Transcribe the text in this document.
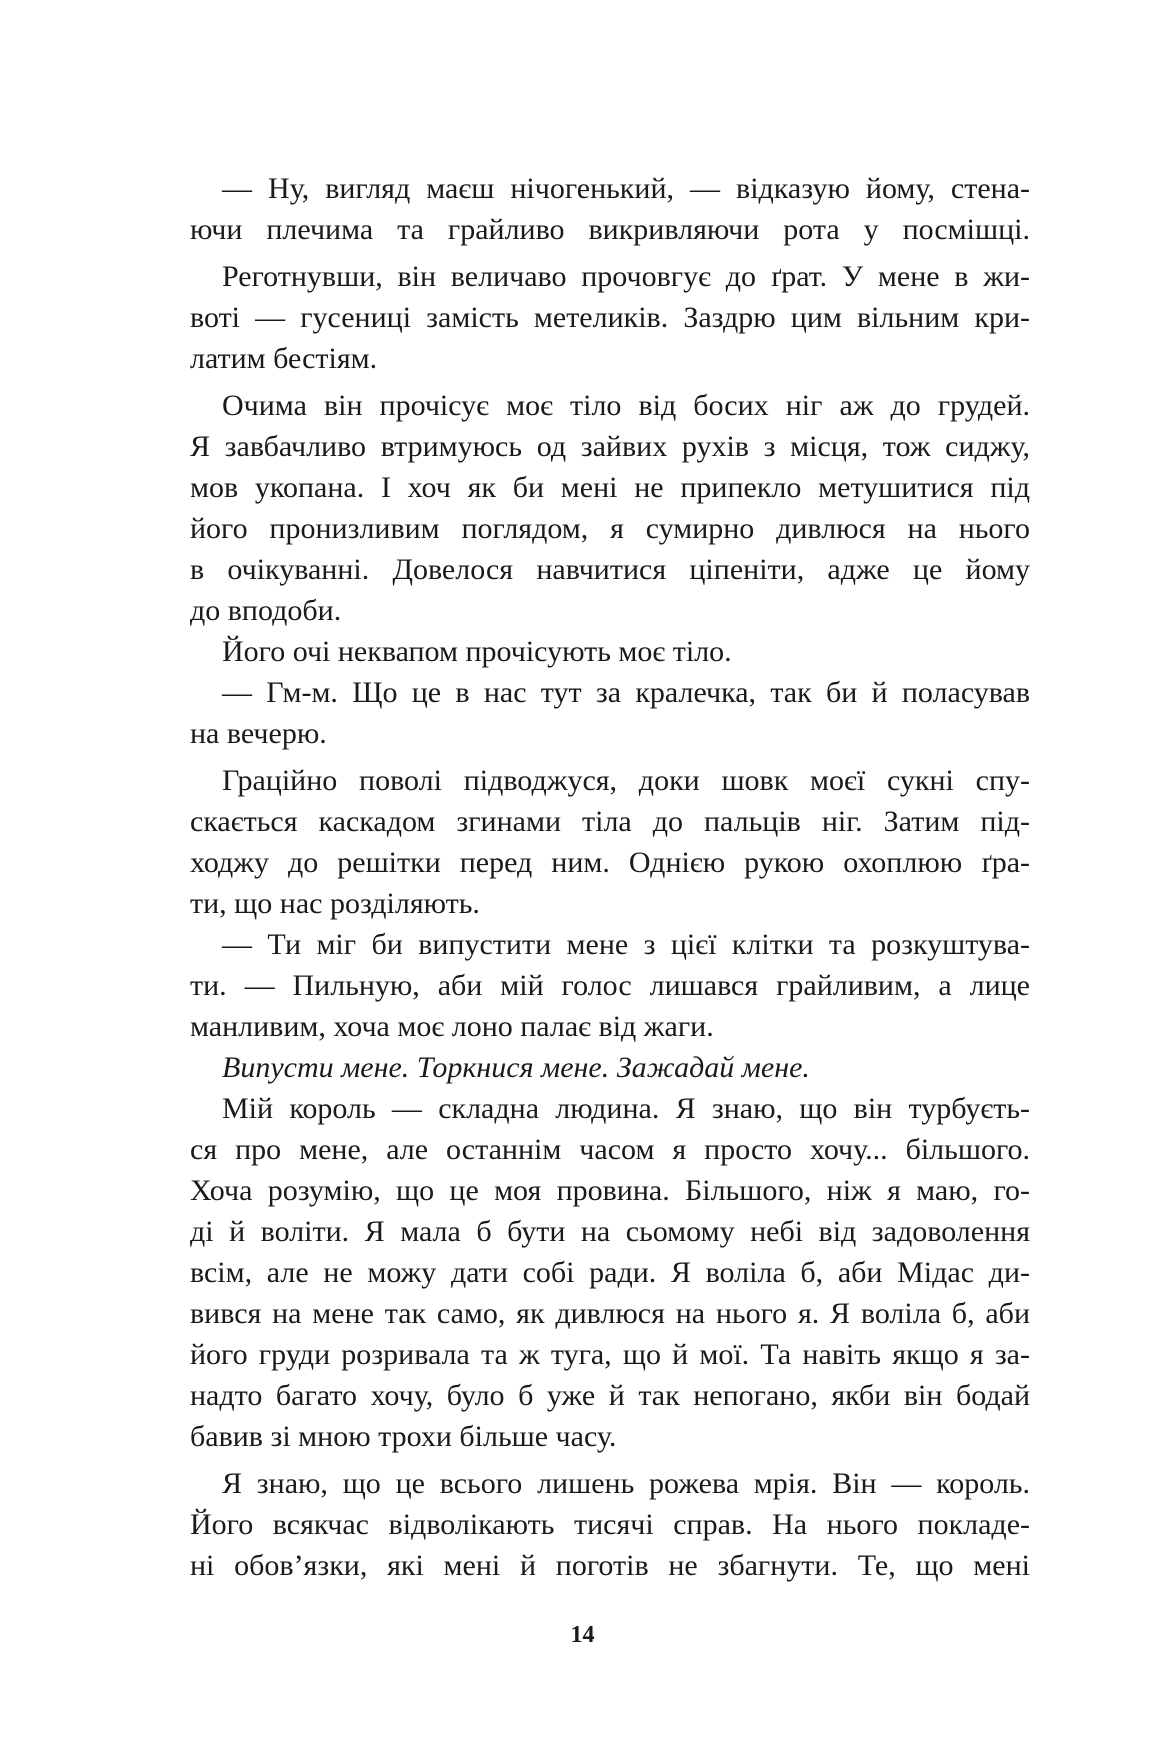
— Ну, вигляд маєш нічогенький, — відказую йому, стена-
ючи плечима та грайливо викривляючи рота у посмішці.
Реготнувши, він величаво прочовгує до ґрат. У мене в жи-
воті — гусениці замість метеликів. Заздрю цим вільним кри-
латим бестіям.
Очима він прочісує моє тіло від босих ніг аж до грудей.
Я завбачливо втримуюсь од зайвих рухів з місця, тож сиджу,
мов укопана. І хоч як би мені не припекло метушитися під
його пронизливим поглядом, я сумирно дивлюся на нього
в очікуванні. Довелося навчитися ціпеніти, адже це йому
до вподоби.
Його очі неквапом прочісують моє тіло.
— Гм-м. Що це в нас тут за кралечка, так би й поласував
на вечерю.
Граційно поволі підводжуся, доки шовк моєї сукні спу-
скається каскадом згинами тіла до пальців ніг. Затим під-
ходжу до решітки перед ним. Однією рукою охоплюю ґра-
ти, що нас розділяють.
— Ти міг би випустити мене з цієї клітки та розкуштува-
ти. — Пильную, аби мій голос лишався грайливим, а лице
манливим, хоча моє лоно палає від жаги.
Випусти мене. Торкнися мене. Зажадай мене.
Мій король — складна людина. Я знаю, що він турбуєть-
ся про мене, але останнім часом я просто хочу... більшого.
Хоча розумію, що це моя провина. Більшого, ніж я маю, го-
ді й воліти. Я мала б бути на сьомому небі від задоволення
всім, але не можу дати собі ради. Я воліла б, аби Мідас ди-
вився на мене так само, як дивлюся на нього я. Я воліла б, аби
його груди розривала та ж туга, що й мої. Та навіть якщо я за-
надто багато хочу, було б уже й так непогано, якби він бодай
бавив зі мною трохи більше часу.
Я знаю, що це всього лишень рожева мрія. Він — король.
Його всякчас відволікають тисячі справ. На нього покладе-
ні обов’язки, які мені й поготів не збагнути. Те, що мені
14
